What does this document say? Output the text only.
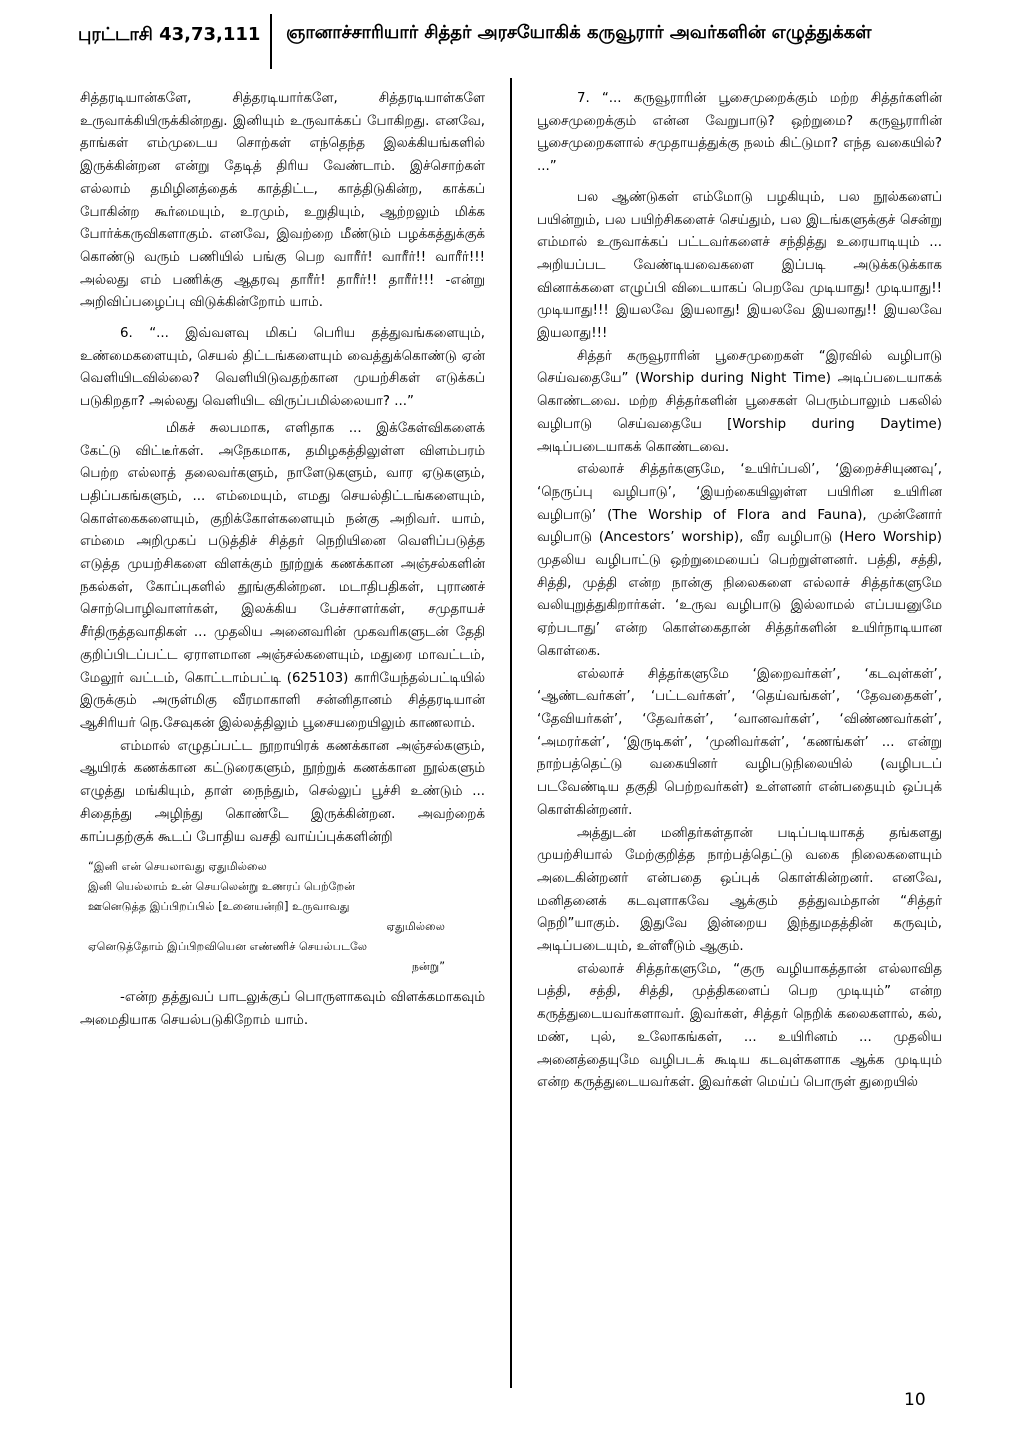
புரட்டாசி 43,73,111 ஞானாச்சாரியார் சித்தர் அரசயோகிக் கருவூரார் அவர்களின் எழுத்துக்கள்

சித்தரடியான்களே, சித்தரடியார்களே, சித்தரடியாள்களே உருவாக்கியிருக்கின்றது. இனியும் உருவாக்கப் போகிறது. எனவே, தாங்கள் எம்முடைய சொற்கள் எந்தெந்த இலக்கியங்களில் இருக்கின்றன என்று தேடித் திரிய வேண்டாம். இச்சொற்கள் எல்லாம் தமிழினத்தைக் காத்திட்ட, காத்திடுகின்ற, காக்கப் போகின்ற கூர்மையும், உரமும், உறுதியும், ஆற்றலும் மிக்க போர்க்கருவிகளாகும். எனவே, இவற்றை மீண்டும் பழக்கத்துக்குக் கொண்டு வரும் பணியில் பங்கு பெற வாரீர்! வாரீர்!! வாரீர்!!! அல்லது எம் பணிக்கு ஆதரவு தாரீர்! தாரீர்!! தாரீர்!!! -என்று அறிவிப்பழைப்பு விடுக்கின்றோம் யாம்.

6. “... இவ்வளவு மிகப் பெரிய தத்துவங்களையும், உண்மைகளையும், செயல் திட்டங்களையும் வைத்துக்கொண்டு ஏன் வெளியிடவில்லை? வெளியிடுவதற்கான முயற்சிகள் எடுக்கப் படுகிறதா? அல்லது வெளியிட விருப்பமில்லையா? ...”

மிகச் சுலபமாக, எளிதாக ... இக்கேள்விகளைக் கேட்டு விட்டீர்கள். அநேகமாக, தமிழகத்திலுள்ள விளம்பரம் பெற்ற எல்லாத் தலைவர்களும், நாளேடுகளும், வார ஏடுகளும், பதிப்பகங்களும், ... எம்மையும், எமது செயல்திட்டங்களையும், கொள்கைகளையும், குறிக்கோள்களையும் நன்கு அறிவர். யாம், எம்மை அறிமுகப் படுத்திச் சித்தர் நெறியினை வெளிப்படுத்த எடுத்த முயற்சிகளை விளக்கும் நூற்றுக் கணக்கான அஞ்சல்களின் நகல்கள், கோப்புகளில் தூங்குகின்றன. மடாதிபதிகள், புராணச் சொற்பொழிவாளர்கள், இலக்கிய பேச்சாளர்கள், சமுதாயச் சீர்திருத்தவாதிகள் ... முதலிய அனைவரின் முகவரிகளுடன் தேதி குறிப்பிடப்பட்ட ஏராளமான அஞ்சல்களையும், மதுரை மாவட்டம், மேலூர் வட்டம், கொட்டாம்பட்டி (625103) காரியேந்தல்பட்டியில் இருக்கும் அருள்மிகு வீரமாகாளி சன்னிதானம் சித்தரடியான் ஆசிரியர் நெ.சேவுகன் இல்லத்திலும் பூசையறையிலும் காணலாம்.

எம்மால் எழுதப்பட்ட நூறாயிரக் கணக்கான அஞ்சல்களும், ஆயிரக் கணக்கான கட்டுரைகளும், நூற்றுக் கணக்கான நூல்களும் எழுத்து மங்கியும், தாள் நைந்தும், செல்லுப் பூச்சி உண்டும் ... சிதைந்து அழிந்து கொண்டே இருக்கின்றன. அவற்றைக் காப்பதற்குக் கூடப் போதிய வசதி வாய்ப்புக்களின்றி

“இனி என் செயலாவது ஏதுமில்லை
இனி யெல்லாம் உன் செயலென்று உணரப் பெற்றேன்
ஊனெடுத்த இப்பிறப்பில் [உனையன்றி] உருவாவது
ஏதுமில்லை
ஏனெடுத்தோம் இப்பிறவியென எண்ணிச் செயல்படலே
நன்று”

-என்ற தத்துவப் பாடலுக்குப் பொருளாகவும் விளக்கமாகவும் அமைதியாக செயல்படுகிறோம் யாம்.

7. “... கருவூராரின் பூசைமுறைக்கும் மற்ற சித்தர்களின் பூசைமுறைக்கும் என்ன வேறுபாடு? ஒற்றுமை? கருவூராரின் பூசைமுறைகளால் சமுதாயத்துக்கு நலம் கிட்டுமா? எந்த வகையில்? ...”

பல ஆண்டுகள் எம்மோடு பழகியும், பல நூல்களைப் பயின்றும், பல பயிற்சிகளைச் செய்தும், பல இடங்களுக்குச் சென்று எம்மால் உருவாக்கப் பட்டவர்களைச் சந்தித்து உரையாடியும் ... அறியப்பட வேண்டியவைகளை இப்படி அடுக்கடுக்காக வினாக்களை எழுப்பி விடையாகப் பெறவே முடியாது! முடியாது!! முடியாது!!! இயலவே இயலாது! இயலவே இயலாது!! இயலவே இயலாது!!!

சித்தர் கருவூராரின் பூசைமுறைகள் “இரவில் வழிபாடு செய்வதையே” (Worship during Night Time) அடிப்படையாகக் கொண்டவை. மற்ற சித்தர்களின் பூசைகள் பெரும்பாலும் பகலில் வழிபாடு செய்வதையே [Worship during Daytime) அடிப்படையாகக் கொண்டவை.

எல்லாச் சித்தர்களுமே, ‘உயிர்ப்பலி’, ‘இறைச்சியுணவு’, ‘நெருப்பு வழிபாடு’, ‘இயற்கையிலுள்ள பயிரின உயிரின வழிபாடு’ (The Worship of Flora and Fauna), முன்னோர் வழிபாடு (Ancestors’ worship), வீர வழிபாடு (Hero Worship) முதலிய வழிபாட்டு ஒற்றுமையைப் பெற்றுள்ளனர். பத்தி, சத்தி, சித்தி, முத்தி என்ற நான்கு நிலைகளை எல்லாச் சித்தர்களுமே வலியுறுத்துகிறார்கள். ‘உருவ வழிபாடு இல்லாமல் எப்பயனுமே ஏற்படாது’ என்ற கொள்கைதான் சித்தர்களின் உயிர்நாடியான கொள்கை.

எல்லாச் சித்தர்களுமே ‘இறைவர்கள்’, ‘கடவுள்கள்’, ‘ஆண்டவர்கள்’, ‘பட்டவர்கள்’, ‘தெய்வங்கள்’, ‘தேவதைகள்’, ‘தேவியர்கள்’, ‘தேவர்கள்’, ‘வானவர்கள்’, ‘விண்ணவர்கள்’, ‘அமரர்கள்’, ‘இருடிகள்’, ‘முனிவர்கள்’, ‘கணங்கள்’ ... என்று நாற்பத்தெட்டு வகையினர் வழிபடுநிலையில் (வழிபடப் படவேண்டிய தகுதி பெற்றவர்கள்) உள்ளனர் என்பதையும் ஒப்புக் கொள்கின்றனர்.

அத்துடன் மனிதர்கள்தான் படிப்படியாகத் தங்களது முயற்சியால் மேற்குறித்த நாற்பத்தெட்டு வகை நிலைகளையும் அடைகின்றனர் என்பதை ஒப்புக் கொள்கின்றனர். எனவே, மனிதனைக் கடவுளாகவே ஆக்கும் தத்துவம்தான் “சித்தர் நெறி”யாகும். இதுவே இன்றைய இந்துமதத்தின் கருவும், அடிப்படையும், உள்ளீடும் ஆகும்.

எல்லாச் சித்தர்களுமே, “குரு வழியாகத்தான் எல்லாவித பத்தி, சத்தி, சித்தி, முத்திகளைப் பெற முடியும்” என்ற கருத்துடையவர்களாவர். இவர்கள், சித்தர் நெறிக் கலைகளால், கல், மண், புல், உலோகங்கள், ... உயிரினம் ... முதலிய அனைத்தையுமே வழிபடக் கூடிய கடவுள்களாக ஆக்க முடியும் என்ற கருத்துடையவர்கள். இவர்கள் மெய்ப் பொருள் துறையில்

10
